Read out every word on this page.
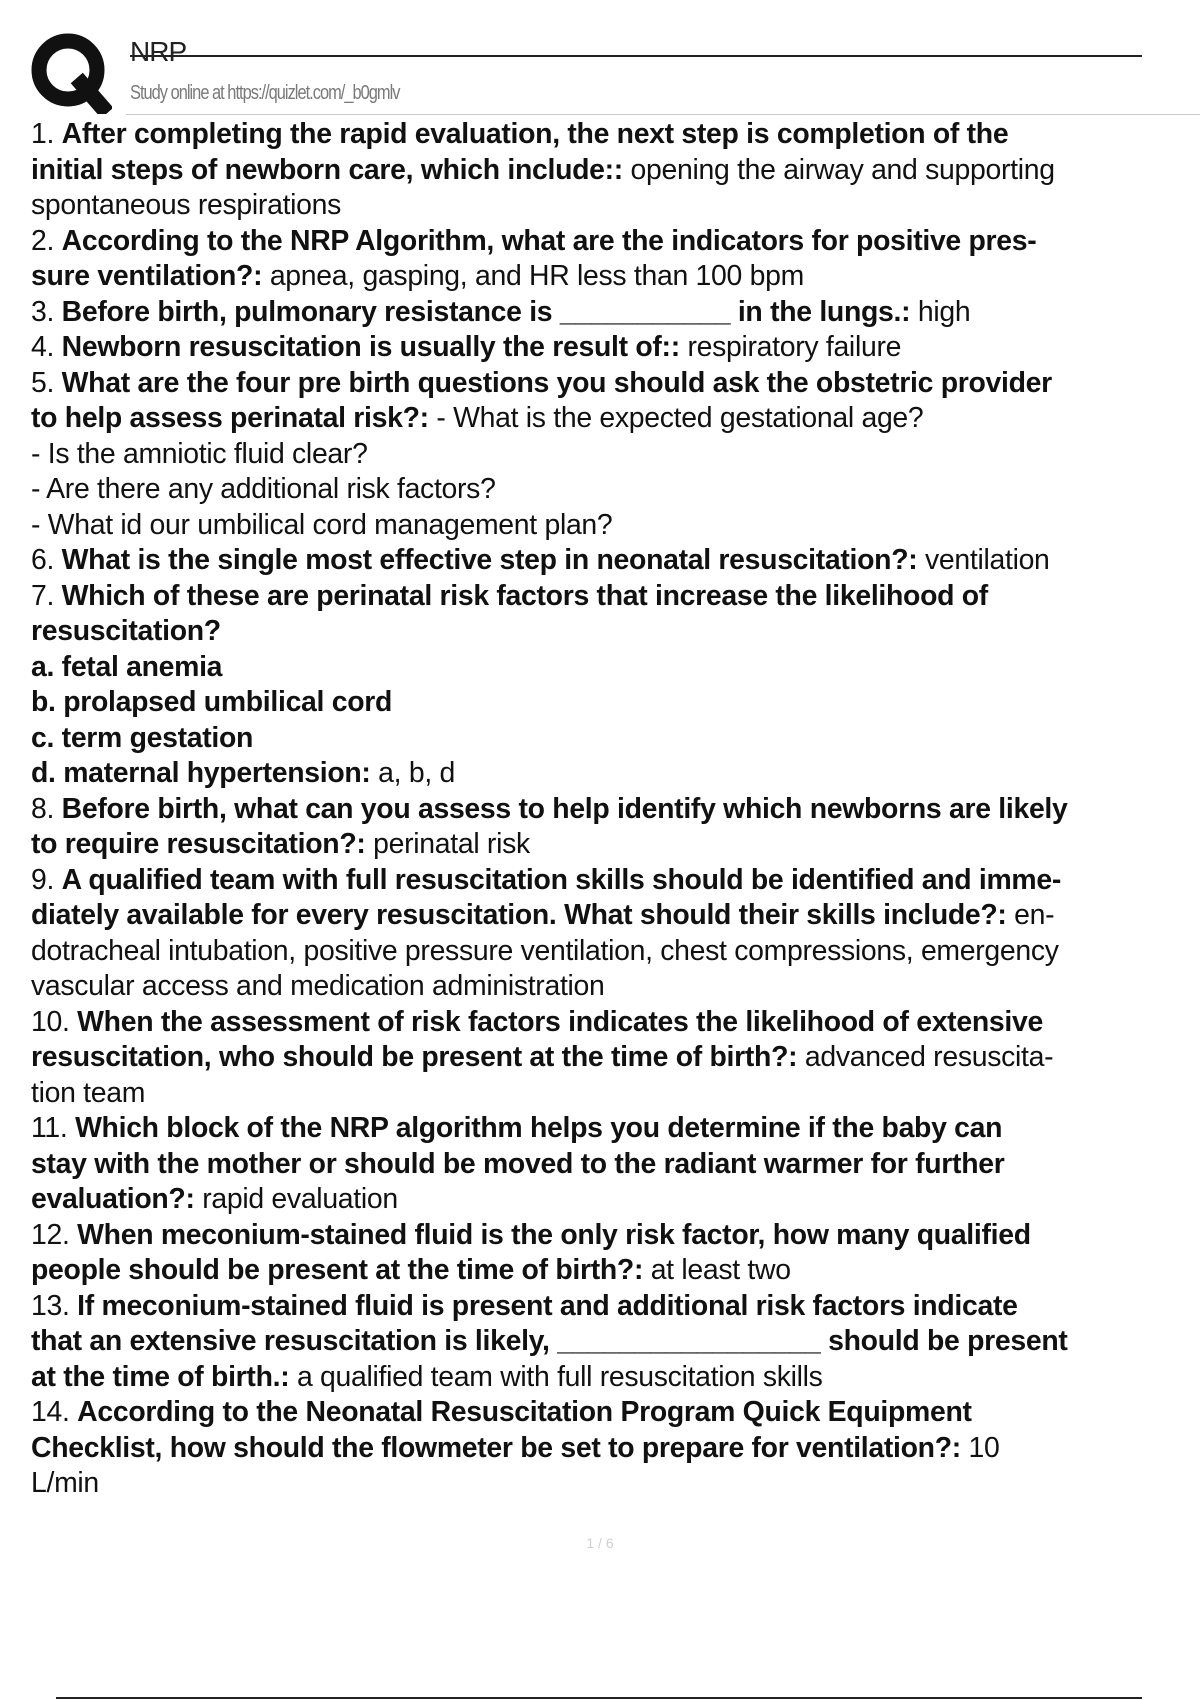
NRP
Study online at https://quizlet.com/_b0gmlv
1. After completing the rapid evaluation, the next step is completion of the
initial steps of newborn care, which include:: opening the airway and supporting
spontaneous respirations
2. According to the NRP Algorithm, what are the indicators for positive pres-
sure ventilation?: apnea, gasping, and HR less than 100 bpm
3. Before birth, pulmonary resistance is ___________ in the lungs.: high
4. Newborn resuscitation is usually the result of:: respiratory failure
5. What are the four pre birth questions you should ask the obstetric provider
to help assess perinatal risk?: - What is the expected gestational age?
- Is the amniotic fluid clear?
- Are there any additional risk factors?
- What id our umbilical cord management plan?
6. What is the single most effective step in neonatal resuscitation?: ventilation
7. Which of these are perinatal risk factors that increase the likelihood of
resuscitation?
a. fetal anemia
b. prolapsed umbilical cord
c. term gestation
d. maternal hypertension: a, b, d
8. Before birth, what can you assess to help identify which newborns are likely
to require resuscitation?: perinatal risk
9. A qualified team with full resuscitation skills should be identified and imme-
diately available for every resuscitation. What should their skills include?: en-
dotracheal intubation, positive pressure ventilation, chest compressions, emergency
vascular access and medication administration
10. When the assessment of risk factors indicates the likelihood of extensive
resuscitation, who should be present at the time of birth?: advanced resuscita-
tion team
11. Which block of the NRP algorithm helps you determine if the baby can
stay with the mother or should be moved to the radiant warmer for further
evaluation?: rapid evaluation
12. When meconium-stained fluid is the only risk factor, how many qualified
people should be present at the time of birth?: at least two
13. If meconium-stained fluid is present and additional risk factors indicate
that an extensive resuscitation is likely, _________________ should be present
at the time of birth.: a qualified team with full resuscitation skills
14. According to the Neonatal Resuscitation Program Quick Equipment
Checklist, how should the flowmeter be set to prepare for ventilation?: 10
L/min
1 / 6
